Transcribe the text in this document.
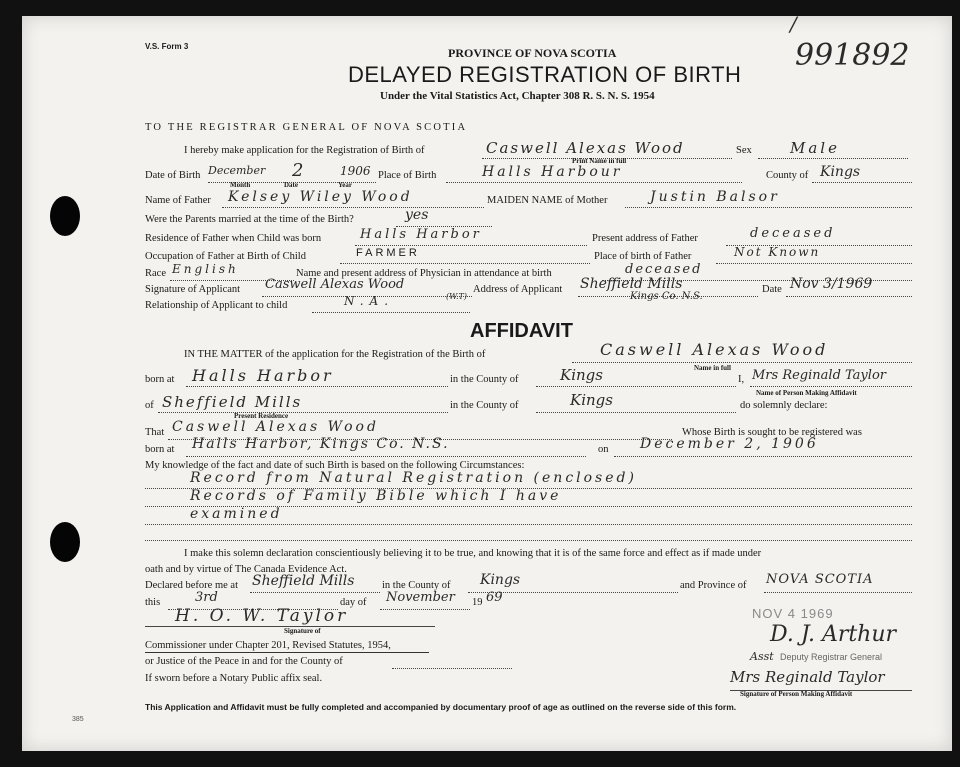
V.S. Form 3	991892
/
PROVINCE OF NOVA SCOTIA
DELAYED REGISTRATION OF BIRTH
Under the Vital Statistics Act, Chapter 308 R. S. N. S. 1954
TO THE REGISTRAR GENERAL OF NOVA SCOTIA
I hereby make application for the Registration of Birth of	Caswell Alexas Wood	Sex	Male
Print Name in full
Date of Birth December 2	1906
Month	Date	Year
Place of Birth	Halls Harbour	County of Kings
Name of Father Kelsey Wiley Wood	MAIDEN NAME of Mother	Justin Balsor
Were the Parents married at the time of the Birth?	yes
Residence of Father when Child was born	Halls Harbor	Present address of Father	deceased
Occupation of Father at Birth of Child	FARMER	Place of birth of Father	Not Known
Race English	Name and present address of Physician in attendance at birth	deceased
Signature of Applicant Caswell Alexas Wood	Address of Applicant Sheffield Mills
Kings Co. N.S.
Date Nov 3/1969
Relationship of Applicant to child	N.A.	(W.T)
AFFIDAVIT
IN THE MATTER of the application for the Registration of the Birth of	Caswell Alexas Wood
Name in full
born at Halls Harbor	in the County of	Kings	I, Mrs Reginald Taylor
Name of Person Making Affidavit
of Sheffield Mills
Present Residence
in the County of	Kings	do solemnly declare:
That Caswell Alexas Wood	Whose Birth is sought to be registered was
born at Halls Harbor, Kings Co. N.S.	on December 2, 1906
My knowledge of the fact and date of such Birth is based on the following Circumstances:
Record from Natural Registration (enclosed)
Records of Family Bible which I have
examined
I make this solemn declaration conscientiously believing it to be true, and knowing that it is of the same force and effect as if made under
oath and by virtue of The Canada Evidence Act.
Declared before me at Sheffield Mills	in the County of Kings	and Province of NOVA SCOTIA
this	3rd	day of November 19 69
H. O. W. Taylor
Signature of
Commissioner under Chapter 201, Revised Statutes, 1954,
or Justice of the Peace in and for the County of
If sworn before a Notary Public affix seal.
NOV 4 1969
D. J. Arthur
Asst Deputy Registrar General
Mrs Reginald Taylor
Signature of Person Making Affidavit
This Application and Affidavit must be fully completed and accompanied by documentary proof of age as outlined on the reverse side of this form.
385
